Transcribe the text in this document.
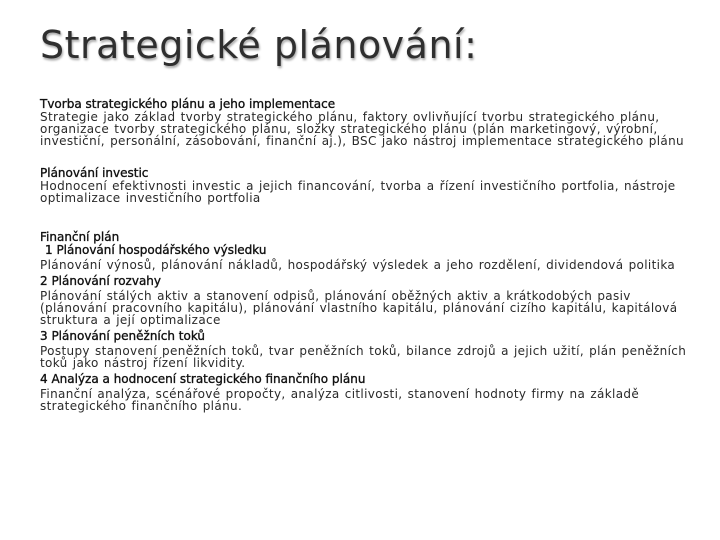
Strategické plánování:
Tvorba strategického plánu a jeho implementace
Strategie jako základ tvorby strategického plánu, faktory ovlivňující tvorbu strategického plánu, organizace tvorby strategického plánu, složky strategického plánu (plán marketingový, výrobní, investiční, personální, zásobování, finanční aj.), BSC jako nástroj implementace strategického plánu
Plánování investic
Hodnocení efektivnosti investic a jejich financování, tvorba a řízení investičního portfolia, nástroje optimalizace investičního portfolia
Finanční plán
1 Plánování hospodářského výsledku
Plánování výnosů, plánování nákladů, hospodářský výsledek a jeho rozdělení, dividendová politika
2 Plánování rozvahy
Plánování stálých aktiv a stanovení odpisů, plánování oběžných aktiv a krátkodobých pasiv (plánování pracovního kapitálu), plánování vlastního kapitálu, plánování cizího kapitálu, kapitálová struktura a její optimalizace
3 Plánování peněžních toků
Postupy stanovení peněžních toků, tvar peněžních toků, bilance zdrojů a jejich užití, plán peněžních toků jako nástroj řízení likvidity.
4 Analýza a hodnocení strategického finančního plánu
Finanční analýza, scénářové propočty, analýza citlivosti, stanovení hodnoty firmy na základě strategického finančního plánu.
